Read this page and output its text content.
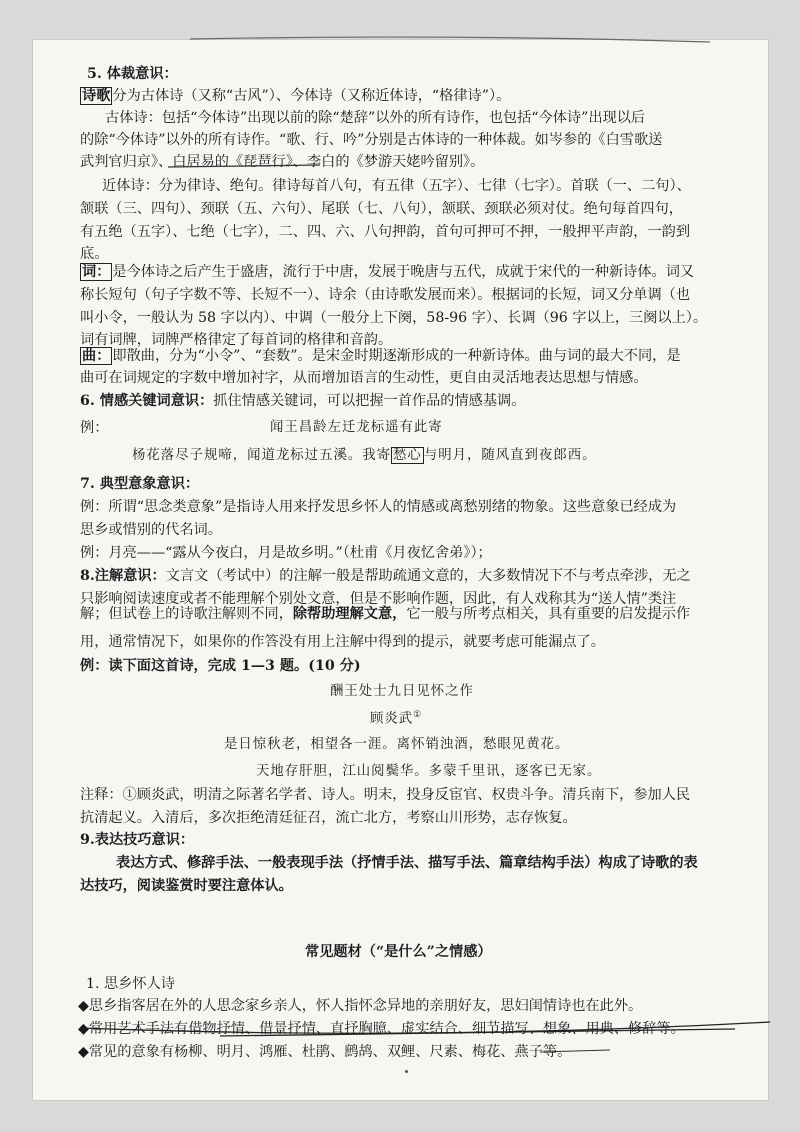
5. 体裁意识：
诗歌 分为古体诗（又称“古风”）、今体诗（又称近体诗，“格律诗”）。
古体诗：包括“今体诗”出现以前的除“楚辞”以外的所有诗作，也包括“今体诗”出现以后
的除“今体诗”以外的所有诗作。“歌、行、吟”分别是古体诗的一种体裁。如岑参的《白雪歌送
武判官归京》、白居易的《琵琶行》、李白的《梦游天姥吟留别》。
近体诗：分为律诗、绝句。律诗每首八句，有五律（五字）、七律（七字）。首联（一、二句）、
颔联（三、四句）、颈联（五、六句）、尾联（七、八句），颔联、颈联必须对仗。绝句每首四句，
有五绝（五字）、七绝（七字），二、四、六、八句押韵，首句可押可不押，一般押平声韵，一韵到
底。
词： 是今体诗之后产生于盛唐，流行于中唐，发展于晚唐与五代，成就于宋代的一种新诗体。词又
称长短句（句子字数不等、长短不一）、诗余（由诗歌发展而来）。根据词的长短，词又分单调（也
叫小令，一般认为 58 字以内）、中调（一般分上下阕，58-96 字）、长调（96 字以上，三阕以上）。
词有词牌，词牌严格律定了每首词的格律和音韵。
曲： 即散曲，分为“小令”、“套数”。是宋金时期逐渐形成的一种新诗体。曲与词的最大不同，是
曲可在词规定的字数中增加衬字，从而增加语言的生动性，更自由灵活地表达思想与情感。
6. 情感关键词意识：抓住情感关键词，可以把握一首作品的情感基调。
例：	闻王昌龄左迁龙标遥有此寄
杨花落尽子规啼，闻道龙标过五溪。我寄 愁心 与明月，随风直到夜郎西。
7. 典型意象意识：
例：所谓“思念类意象”是指诗人用来抒发思乡怀人的情感或离愁别绪的物象。这些意象已经成为
思乡或惜别的代名词。
例：月亮——“露从今夜白，月是故乡明。”（杜甫《月夜忆舍弟》）；
8.注解意识：文言文（考试中）的注解一般是帮助疏通文意的，大多数情况下不与考点牵涉，无之
只影响阅读速度或者不能理解个别处文意，但是不影响作题，因此，有人戏称其为“送人情”类注
解；但试卷上的诗歌注解则不同，除帮助理解文意，它一般与所考点相关，具有重要的启发提示作
用，通常情况下，如果你的作答没有用上注解中得到的提示，就要考虑可能漏点了。
例：读下面这首诗，完成 1—3 题。(10 分)
酬王处士九日见怀之作
顾炎武①
是日惊秋老，相望各一涯。离怀销浊酒，愁眼见黄花。
天地存肝胆，江山阅鬓华。多蒙千里讯，逐客已无家。
注释：①顾炎武，明清之际著名学者、诗人。明末，投身反宦官、权贵斗争。清兵南下，参加人民
抗清起义。入清后，多次拒绝清廷征召，流亡北方，考察山川形势，志存恢复。
9.表达技巧意识：
表达方式、修辞手法、一般表现手法（抒情手法、描写手法、篇章结构手法）构成了诗歌的表
达技巧，阅读鉴赏时要注意体认。
常见题材（“是什么”之情感）
1. 思乡怀人诗
◆思乡指客居在外的人思念家乡亲人，怀人指怀念异地的亲朋好友，思妇闺情诗也在此外。
◆常用艺术手法有借物抒情、借景抒情、直抒胸臆、虚实结合、细节描写、想象、用典、修辞等。
◆常见的意象有杨柳、明月、鸿雁、杜鹃、鹧鸪、双鲤、尺素、梅花、燕子等。
